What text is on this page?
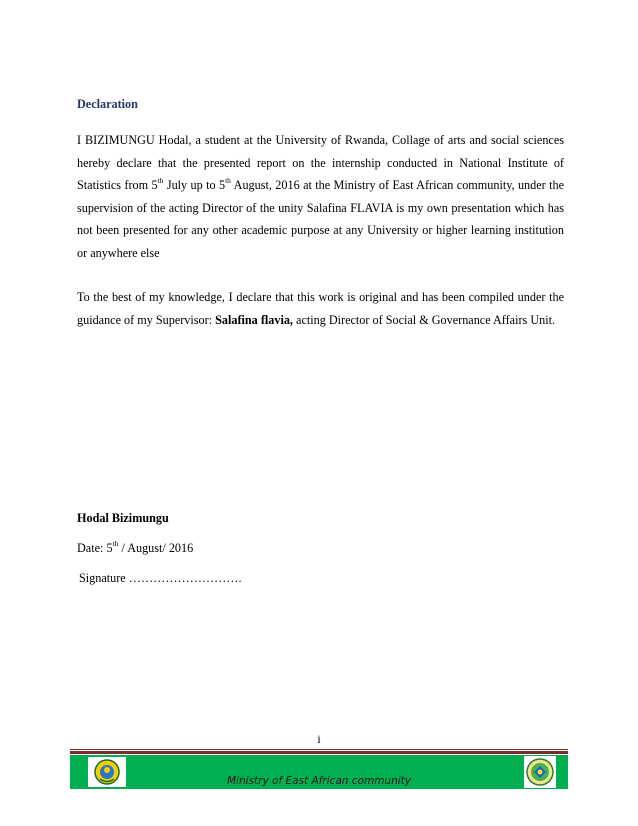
Declaration

I BIZIMUNGU Hodal, a student at the University of Rwanda, Collage of arts and social sciences hereby declare that the presented report on the internship conducted in National Institute of Statistics from 5th July up to 5th August, 2016 at the Ministry of East African community, under the supervision of the acting Director of the unity Salafina FLAVIA is my own presentation which has not been presented for any other academic purpose at any University or higher learning institution or anywhere else

To the best of my knowledge, I declare that this work is original and has been compiled under the guidance of my Supervisor: Salafina flavia, acting Director of Social & Governance Affairs Unit.

Hodal Bizimungu

Date: 5th / August/ 2016

Signature ……………………….

i
Ministry of East African community
